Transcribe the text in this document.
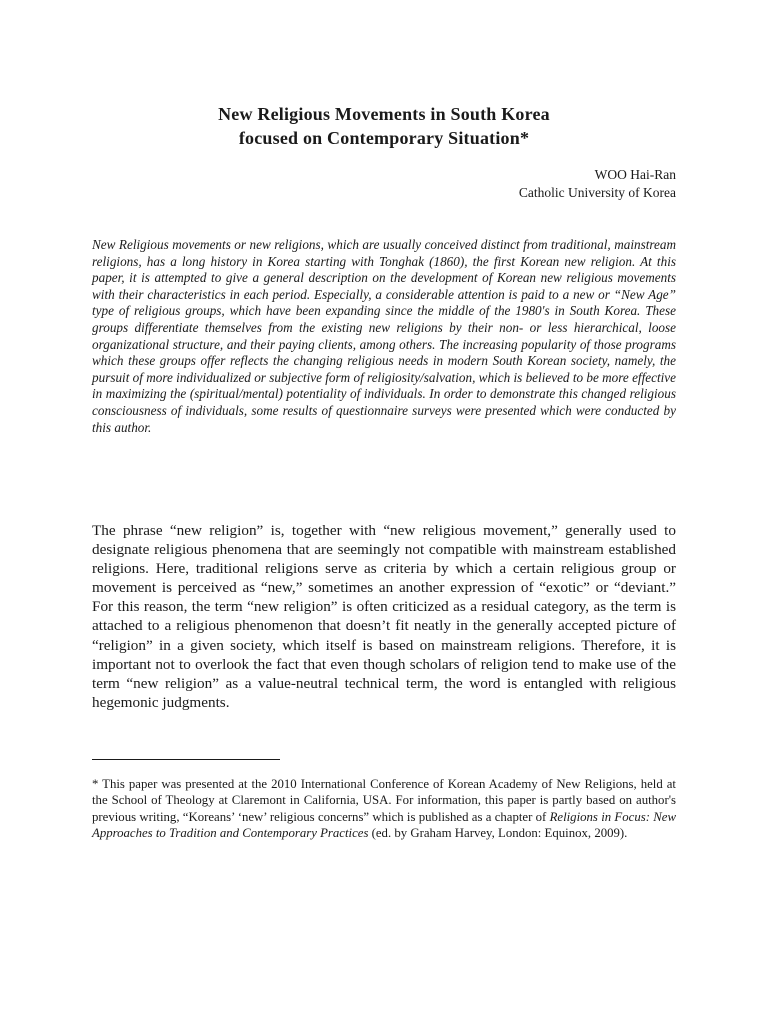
New Religious Movements in South Korea
focused on Contemporary Situation*
WOO Hai-Ran
Catholic University of Korea

New Religious movements or new religions, which are usually conceived distinct from traditional, mainstream religions, has a long history in Korea starting with Tonghak (1860), the first Korean new religion. At this paper, it is attempted to give a general description on the development of Korean new religious movements with their characteristics in each period. Especially, a considerable attention is paid to a new or “New Age” type of religious groups, which have been expanding since the middle of the 1980's in South Korea. These groups differentiate themselves from the existing new religions by their non- or less hierarchical, loose organizational structure, and their paying clients, among others. The increasing popularity of those programs which these groups offer reflects the changing religious needs in modern South Korean society, namely, the pursuit of more individualized or subjective form of religiosity/salvation, which is believed to be more effective in maximizing the (spiritual/mental) potentiality of individuals. In order to demonstrate this changed religious consciousness of individuals, some results of questionnaire surveys were presented which were conducted by this author.

The phrase “new religion” is, together with “new religious movement,” generally used to designate religious phenomena that are seemingly not compatible with mainstream established religions. Here, traditional religions serve as criteria by which a certain religious group or movement is perceived as “new,” sometimes an another expression of “exotic” or “deviant.” For this reason, the term “new religion” is often criticized as a residual category, as the term is attached to a religious phenomenon that doesn’t fit neatly in the generally accepted picture of “religion” in a given society, which itself is based on mainstream religions. Therefore, it is important not to overlook the fact that even though scholars of religion tend to make use of the term “new religion” as a value-neutral technical term, the word is entangled with religious hegemonic judgments.

* This paper was presented at the 2010 International Conference of Korean Academy of New Religions, held at the School of Theology at Claremont in California, USA. For information, this paper is partly based on author's previous writing, “Koreans’ ‘new’ religious concerns” which is published as a chapter of Religions in Focus: New Approaches to Tradition and Contemporary Practices (ed. by Graham Harvey, London: Equinox, 2009).
